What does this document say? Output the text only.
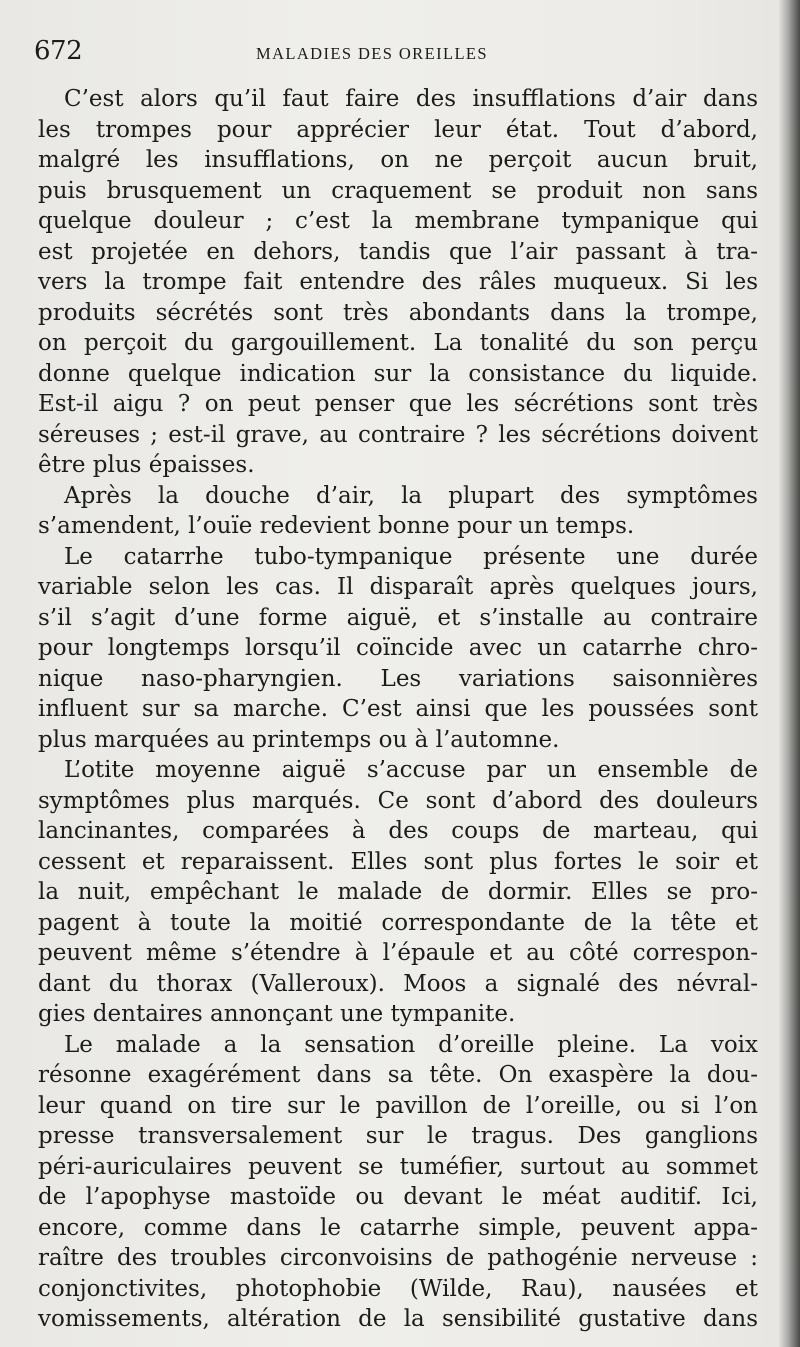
672	MALADIES DES OREILLES
C’est alors qu’il faut faire des insufflations d’air dans
les trompes pour apprécier leur état. Tout d’abord,
malgré les insufflations, on ne perçoit aucun bruit,
puis brusquement un craquement se produit non sans
quelque douleur ; c’est la membrane tympanique qui
est projetée en dehors, tandis que l’air passant à tra-
vers la trompe fait entendre des râles muqueux. Si les
produits sécrétés sont très abondants dans la trompe,
on perçoit du gargouillement. La tonalité du son perçu
donne quelque indication sur la consistance du liquide.
Est-il aigu ? on peut penser que les sécrétions sont très
séreuses ; est-il grave, au contraire ? les sécrétions doivent
être plus épaisses.
Après la douche d’air, la plupart des symptômes
s’amendent, l’ouïe redevient bonne pour un temps.
Le catarrhe tubo-tympanique présente une durée
variable selon les cas. Il disparaît après quelques jours,
s’il s’agit d’une forme aiguë, et s’installe au contraire
pour longtemps lorsqu’il coïncide avec un catarrhe chro-
nique naso-pharyngien. Les variations saisonnières
influent sur sa marche. C’est ainsi que les poussées sont
plus marquées au printemps ou à l’automne.
L’otite moyenne aiguë s’accuse par un ensemble de
symptômes plus marqués. Ce sont d’abord des douleurs
lancinantes, comparées à des coups de marteau, qui
cessent et reparaissent. Elles sont plus fortes le soir et
la nuit, empêchant le malade de dormir. Elles se pro-
pagent à toute la moitié correspondante de la tête et
peuvent même s’étendre à l’épaule et au côté correspon-
dant du thorax (Valleroux). Moos a signalé des névral-
gies dentaires annonçant une tympanite.
Le malade a la sensation d’oreille pleine. La voix
résonne exagérément dans sa tête. On exaspère la dou-
leur quand on tire sur le pavillon de l’oreille, ou si l’on
presse transversalement sur le tragus. Des ganglions
péri-auriculaires peuvent se tuméfier, surtout au sommet
de l’apophyse mastoïde ou devant le méat auditif. Ici,
encore, comme dans le catarrhe simple, peuvent appa-
raître des troubles circonvoisins de pathogénie nerveuse :
conjonctivites, photophobie (Wilde, Rau), nausées et
vomissements, altération de la sensibilité gustative dans
